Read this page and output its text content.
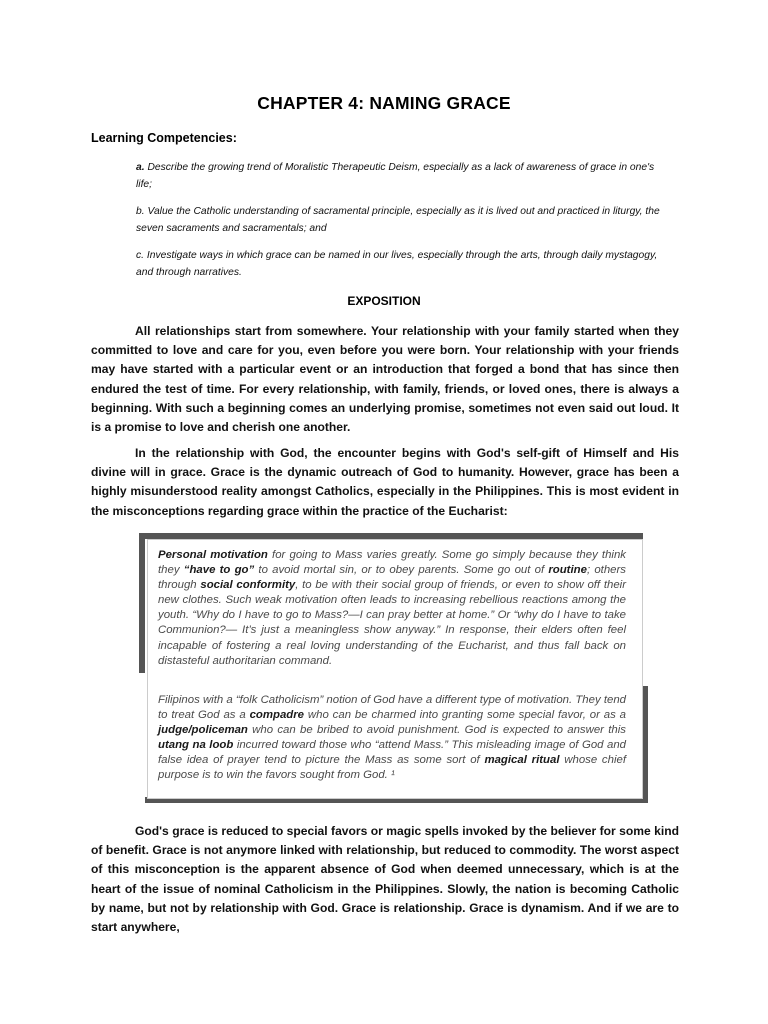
CHAPTER 4: NAMING GRACE
Learning Competencies:
a. Describe the growing trend of Moralistic Therapeutic Deism, especially as a lack of awareness of grace in one's life;
b. Value the Catholic understanding of sacramental principle, especially as it is lived out and practiced in liturgy, the seven sacraments and sacramentals; and
c. Investigate ways in which grace can be named in our lives, especially through the arts, through daily mystagogy, and through narratives.
EXPOSITION
All relationships start from somewhere. Your relationship with your family started when they committed to love and care for you, even before you were born. Your relationship with your friends may have started with a particular event or an introduction that forged a bond that has since then endured the test of time. For every relationship, with family, friends, or loved ones, there is always a beginning. With such a beginning comes an underlying promise, sometimes not even said out loud. It is a promise to love and cherish one another.
In the relationship with God, the encounter begins with God's self-gift of Himself and His divine will in grace. Grace is the dynamic outreach of God to humanity. However, grace has been a highly misunderstood reality amongst Catholics, especially in the Philippines. This is most evident in the misconceptions regarding grace within the practice of the Eucharist:
Personal motivation for going to Mass varies greatly. Some go simply because they think they “have to go” to avoid mortal sin, or to obey parents. Some go out of routine; others through social conformity, to be with their social group of friends, or even to show off their new clothes. Such weak motivation often leads to increasing rebellious reactions among the youth. “Why do I have to go to Mass?—I can pray better at home.” Or “why do I have to take Communion?— It’s just a meaningless show anyway.” In response, their elders often feel incapable of fostering a real loving understanding of the Eucharist, and thus fall back on distasteful authoritarian command.
Filipinos with a “folk Catholicism” notion of God have a different type of motivation. They tend to treat God as a compadre who can be charmed into granting some special favor, or as a judge/policeman who can be bribed to avoid punishment. God is expected to answer this utang na loob incurred toward those who “attend Mass.” This misleading image of God and false idea of prayer tend to picture the Mass as some sort of magical ritual whose chief purpose is to win the favors sought from God. ¹
God's grace is reduced to special favors or magic spells invoked by the believer for some kind of benefit. Grace is not anymore linked with relationship, but reduced to commodity. The worst aspect of this misconception is the apparent absence of God when deemed unnecessary, which is at the heart of the issue of nominal Catholicism in the Philippines. Slowly, the nation is becoming Catholic by name, but not by relationship with God. Grace is relationship. Grace is dynamism. And if we are to start anywhere,
